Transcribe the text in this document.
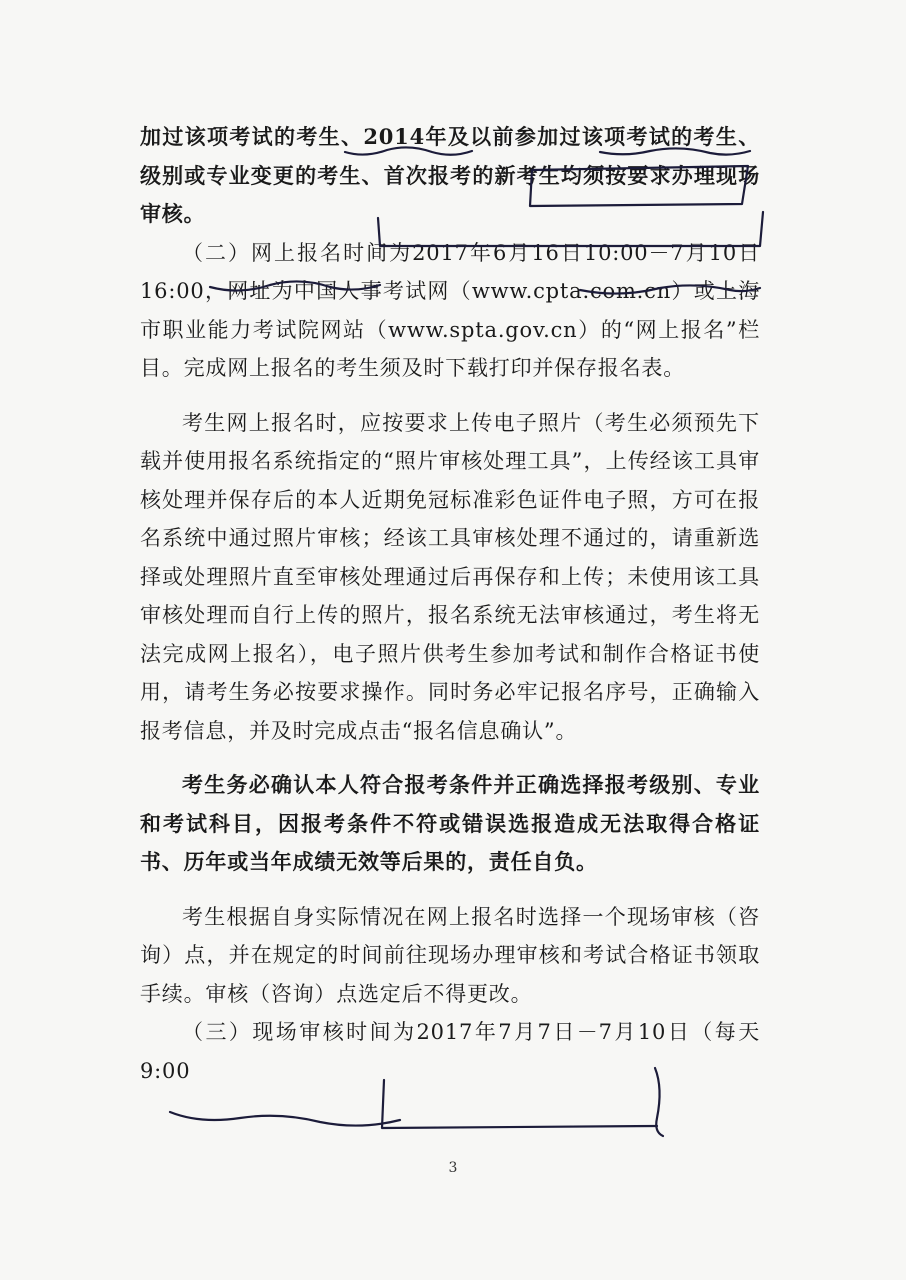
加过该项考试的考生、2014年及以前参加过该项考试的考生、级别或专业变更的考生、首次报考的新考生均须按要求办理现场审核。

（二）网上报名时间为2017年6月16日10:00－7月10日16:00，网址为中国人事考试网（www.cpta.com.cn）或上海市职业能力考试院网站（www.spta.gov.cn）的“网上报名”栏目。完成网上报名的考生须及时下载打印并保存报名表。

考生网上报名时，应按要求上传电子照片（考生必须预先下载并使用报名系统指定的“照片审核处理工具”，上传经该工具审核处理并保存后的本人近期免冠标准彩色证件电子照，方可在报名系统中通过照片审核；经该工具审核处理不通过的，请重新选择或处理照片直至审核处理通过后再保存和上传；未使用该工具审核处理而自行上传的照片，报名系统无法审核通过，考生将无法完成网上报名），电子照片供考生参加考试和制作合格证书使用，请考生务必按要求操作。同时务必牢记报名序号，正确输入报考信息，并及时完成点击“报名信息确认”。

考生务必确认本人符合报考条件并正确选择报考级别、专业和考试科目，因报考条件不符或错误选报造成无法取得合格证书、历年或当年成绩无效等后果的，责任自负。

考生根据自身实际情况在网上报名时选择一个现场审核（咨询）点，并在规定的时间前往现场办理审核和考试合格证书领取手续。审核（咨询）点选定后不得更改。

（三）现场审核时间为2017年7月7日－7月10日（每天9:00

3
